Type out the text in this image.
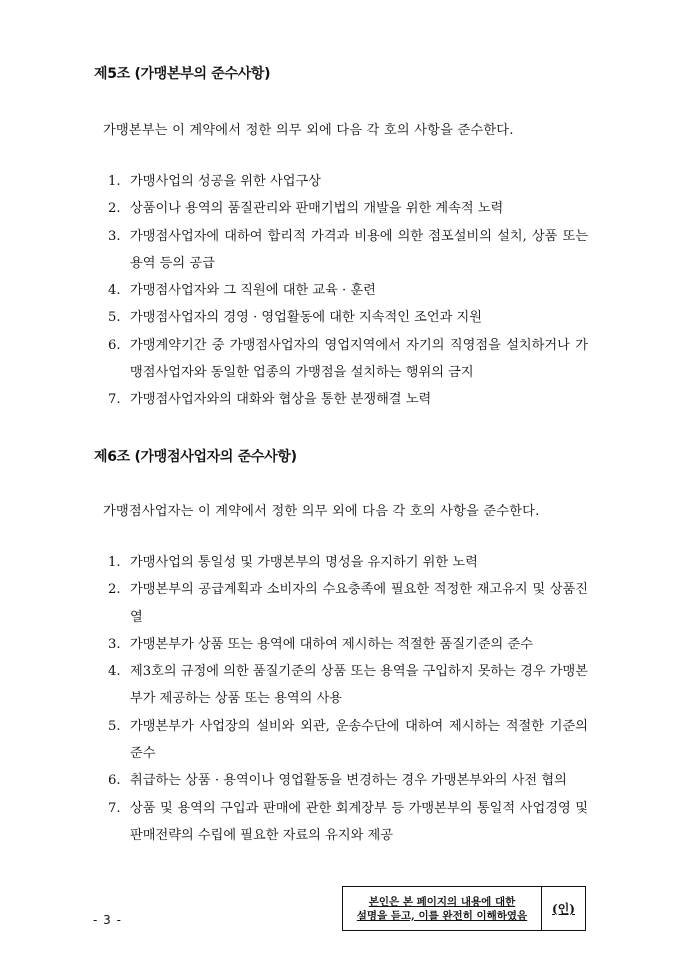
제5조 (가맹본부의 준수사항)
가맹본부는 이 계약에서 정한 의무 외에 다음 각 호의 사항을 준수한다.
1. 가맹사업의 성공을 위한 사업구상
2. 상품이나 용역의 품질관리와 판매기법의 개발을 위한 계속적 노력
3. 가맹점사업자에 대하여 합리적 가격과 비용에 의한 점포설비의 설치, 상품 또는 용역 등의 공급
4. 가맹점사업자와 그 직원에 대한 교육 · 훈련
5. 가맹점사업자의 경영 · 영업활동에 대한 지속적인 조언과 지원
6. 가맹계약기간 중 가맹점사업자의 영업지역에서 자기의 직영점을 설치하거나 가맹점사업자와 동일한 업종의 가맹점을 설치하는 행위의 금지
7. 가맹점사업자와의 대화와 협상을 통한 분쟁해결 노력
제6조 (가맹점사업자의 준수사항)
가맹점사업자는 이 계약에서 정한 의무 외에 다음 각 호의 사항을 준수한다.
1. 가맹사업의 통일성 및 가맹본부의 명성을 유지하기 위한 노력
2. 가맹본부의 공급계획과 소비자의 수요충족에 필요한 적정한 재고유지 및 상품진열
3. 가맹본부가 상품 또는 용역에 대하여 제시하는 적절한 품질기준의 준수
4. 제3호의 규정에 의한 품질기준의 상품 또는 용역을 구입하지 못하는 경우 가맹본부가 제공하는 상품 또는 용역의 사용
5. 가맹본부가 사업장의 설비와 외관, 운송수단에 대하여 제시하는 적절한 기준의 준수
6. 취급하는 상품 · 용역이나 영업활동을 변경하는 경우 가맹본부와의 사전 협의
7. 상품 및 용역의 구입과 판매에 관한 회계장부 등 가맹본부의 통일적 사업경영 및 판매전략의 수립에 필요한 자료의 유지와 제공
- 3 -
본인은 본 페이지의 내용에 대한
설명을 듣고, 이를 완전히 이해하였음	(인)
